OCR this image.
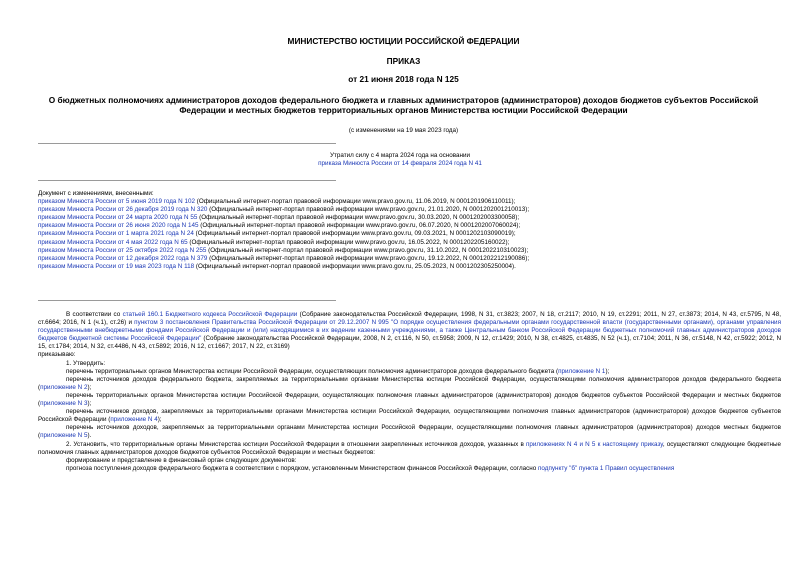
МИНИСТЕРСТВО ЮСТИЦИИ РОССИЙСКОЙ ФЕДЕРАЦИИ
ПРИКАЗ
от 21 июня 2018 года N 125
О бюджетных полномочиях администраторов доходов федерального бюджета и главных администраторов (администраторов) доходов бюджетов субъектов Российской Федерации и местных бюджетов территориальных органов Министерства юстиции Российской Федерации
(с изменениями на 19 мая 2023 года)
Утратил силу с 4 марта 2024 года на основании
приказа Минюста России от 14 февраля 2024 года N 41
Документ с изменениями, внесенными:
приказом Минюста России от 5 июня 2019 года N 102 (Официальный интернет-портал правовой информации www.pravo.gov.ru, 11.06.2019, N 0001201906110011);
приказом Минюста России от 26 декабря 2019 года N 320 (Официальный интернет-портал правовой информации www.pravo.gov.ru, 21.01.2020, N 0001202001210013);
приказом Минюста России от 24 марта 2020 года N 55 (Официальный интернет-портал правовой информации www.pravo.gov.ru, 30.03.2020, N 0001202003300058);
приказом Минюста России от 26 июня 2020 года N 145 (Официальный интернет-портал правовой информации www.pravo.gov.ru, 06.07.2020, N 0001202007060024);
приказом Минюста России от 1 марта 2021 года N 24 (Официальный интернет-портал правовой информации www.pravo.gov.ru, 09.03.2021, N 0001202103090019);
приказом Минюста России от 4 мая 2022 года N 65 (Официальный интернет-портал правовой информации www.pravo.gov.ru, 16.05.2022, N 0001202205160022);
приказом Минюста России от 25 октября 2022 года N 255 (Официальный интернет-портал правовой информации www.pravo.gov.ru, 31.10.2022, N 0001202210310023);
приказом Минюста России от 12 декабря 2022 года N 379 (Официальный интернет-портал правовой информации www.pravo.gov.ru, 19.12.2022, N 0001202212190086);
приказом Минюста России от 19 мая 2023 года N 118 (Официальный интернет-портал правовой информации www.pravo.gov.ru, 25.05.2023, N 0001202305250004).

В соответствии со статьей 160.1 Бюджетного кодекса Российской Федерации (Собрание законодательства Российской Федерации, 1998, N 31, ст.3823; 2007, N 18, ст.2117; 2010, N 19, ст.2291; 2011, N 27, ст.3873; 2014, N 43, ст.5795, N 48, ст.6664; 2016, N 1 (ч.1), ст.26) и пунктом 3 постановления Правительства Российской Федерации от 29.12.2007 N 995 "О порядке осуществления федеральными органами государственной власти (государственными органами), органами управления государственными внебюджетными фондами Российской Федерации и (или) находящимися в их ведении казенными учреждениями, а также Центральным банком Российской Федерации бюджетных полномочий главных администраторов доходов бюджетов бюджетной системы Российской Федерации" (Собрание законодательства Российской Федерации, 2008, N 2, ст.116, N 50, ст.5958; 2009, N 12, ст.1429; 2010, N 38, ст.4825, ст.4835, N 52 (ч.1), ст.7104; 2011, N 36, ст.5148, N 42, ст.5922; 2012, N 15, ст.1784; 2014, N 32, ст.4486, N 43, ст.5892; 2016, N 12, ст.1667; 2017, N 22, ст.3169)

приказываю:

1. Утвердить:

перечень территориальных органов Министерства юстиции Российской Федерации, осуществляющих полномочия администраторов доходов федерального бюджета (приложение N 1);

перечень источников доходов федерального бюджета, закрепляемых за территориальными органами Министерства юстиции Российской Федерации, осуществляющими полномочия администраторов доходов федерального бюджета (приложение N 2);

перечень территориальных органов Министерства юстиции Российской Федерации, осуществляющих полномочия главных администраторов (администраторов) доходов бюджетов субъектов Российской Федерации и местных бюджетов (приложение N 3);

перечень источников доходов, закрепляемых за территориальными органами Министерства юстиции Российской Федерации, осуществляющими полномочия главных администраторов (администраторов) доходов бюджетов субъектов Российской Федерации (приложение N 4);

перечень источников доходов, закрепляемых за территориальными органами Министерства юстиции Российской Федерации, осуществляющими полномочия главных администраторов (администраторов) доходов местных бюджетов (приложение N 5).

2. Установить, что территориальные органы Министерства юстиции Российской Федерации в отношении закрепленных источников доходов, указанных в приложениях N 4 и N 5 к настоящему приказу, осуществляют следующие бюджетные полномочия главных администраторов доходов бюджетов субъектов Российской Федерации и местных бюджетов:

формирование и представление в финансовый орган следующих документов:

прогноза поступления доходов федерального бюджета в соответствии с порядком, установленным Министерством финансов Российской Федерации, согласно подпункту "б" пункта 1 Правил осуществления
